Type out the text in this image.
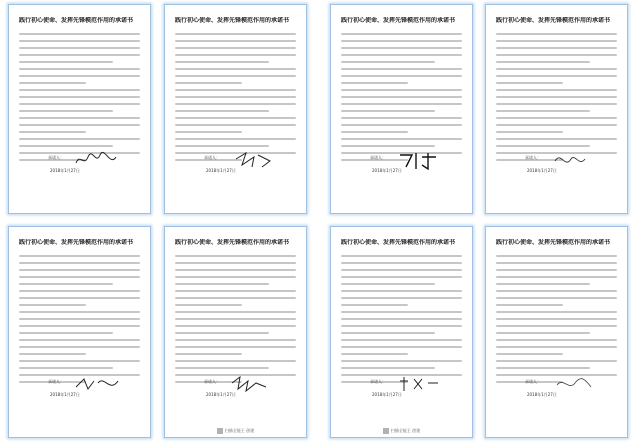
践行初心使命、发挥先锋模范作用的承诺书
承诺人：
2018年1月27日
践行初心使命、发挥先锋模范作用的承诺书
承诺人：
2018年1月27日
践行初心使命、发挥先锋模范作用的承诺书
承诺人：
2018年1月27日
践行初心使命、发挥先锋模范作用的承诺书
承诺人：
2018年1月27日
践行初心使命、发挥先锋模范作用的承诺书
承诺人：
2018年1月27日
践行初心使命、发挥先锋模范作用的承诺书
承诺人：
2018年1月27日
扫描全能王 创建
践行初心使命、发挥先锋模范作用的承诺书
承诺人：
2018年1月27日
扫描全能王 创建
践行初心使命、发挥先锋模范作用的承诺书
承诺人：
2018年1月27日
